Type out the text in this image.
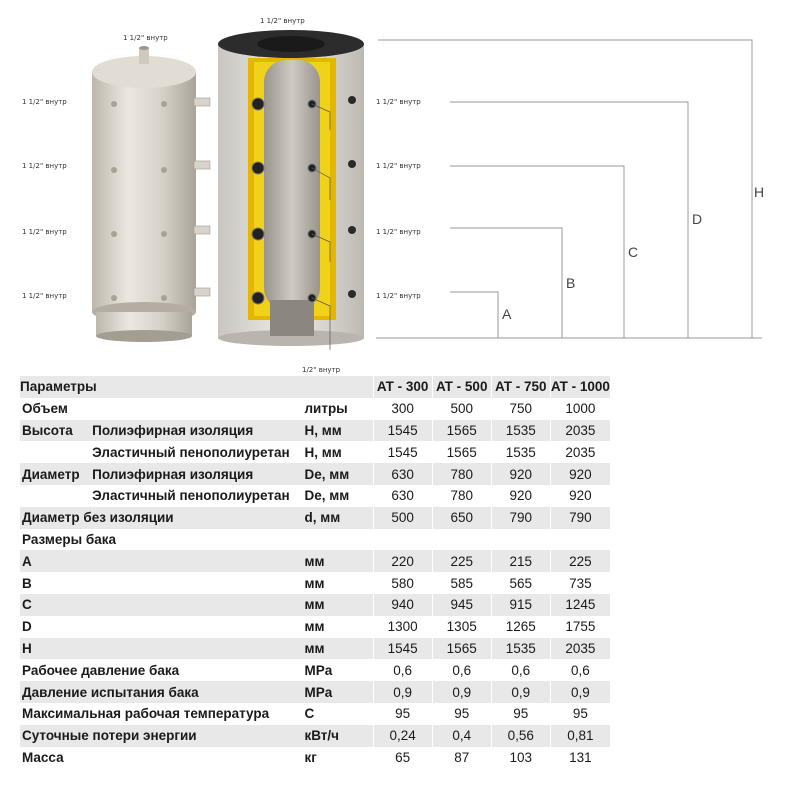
1 1/2" внутр
1 1/2" внутр
1 1/2" внутр
1 1/2" внутр
1 1/2" внутр
1 1/2" внутр
1 1/2" внутр
1 1/2" внутр
1 1/2" внутр
1 1/2" внутр
1/2" внутр
A
B
C
D
H
Параметры			AT - 300	AT - 500	AT - 750	AT - 1000
Объем		литры	300	500	750	1000
Высота	Полиэфирная изоляция	H, мм	1545	1565	1535	2035
	Эластичный пенополиуретан	H, мм	1545	1565	1535	2035
Диаметр	Полиэфирная изоляция	De, мм	630	780	920	920
	Эластичный пенополиуретан	De, мм	630	780	920	920
Диаметр без изоляции		d, мм	500	650	790	790
Размеры бака						
A		мм	220	225	215	225
B		мм	580	585	565	735
C		мм	940	945	915	1245
D		мм	1300	1305	1265	1755
H		мм	1545	1565	1535	2035
Рабочее давление бака		MPa	0,6	0,6	0,6	0,6
Давление испытания бака		MPa	0,9	0,9	0,9	0,9
Максимальная рабочая температура		C	95	95	95	95
Суточные потери энергии		кВт/ч	0,24	0,4	0,56	0,81
Масса		кг	65	87	103	131
